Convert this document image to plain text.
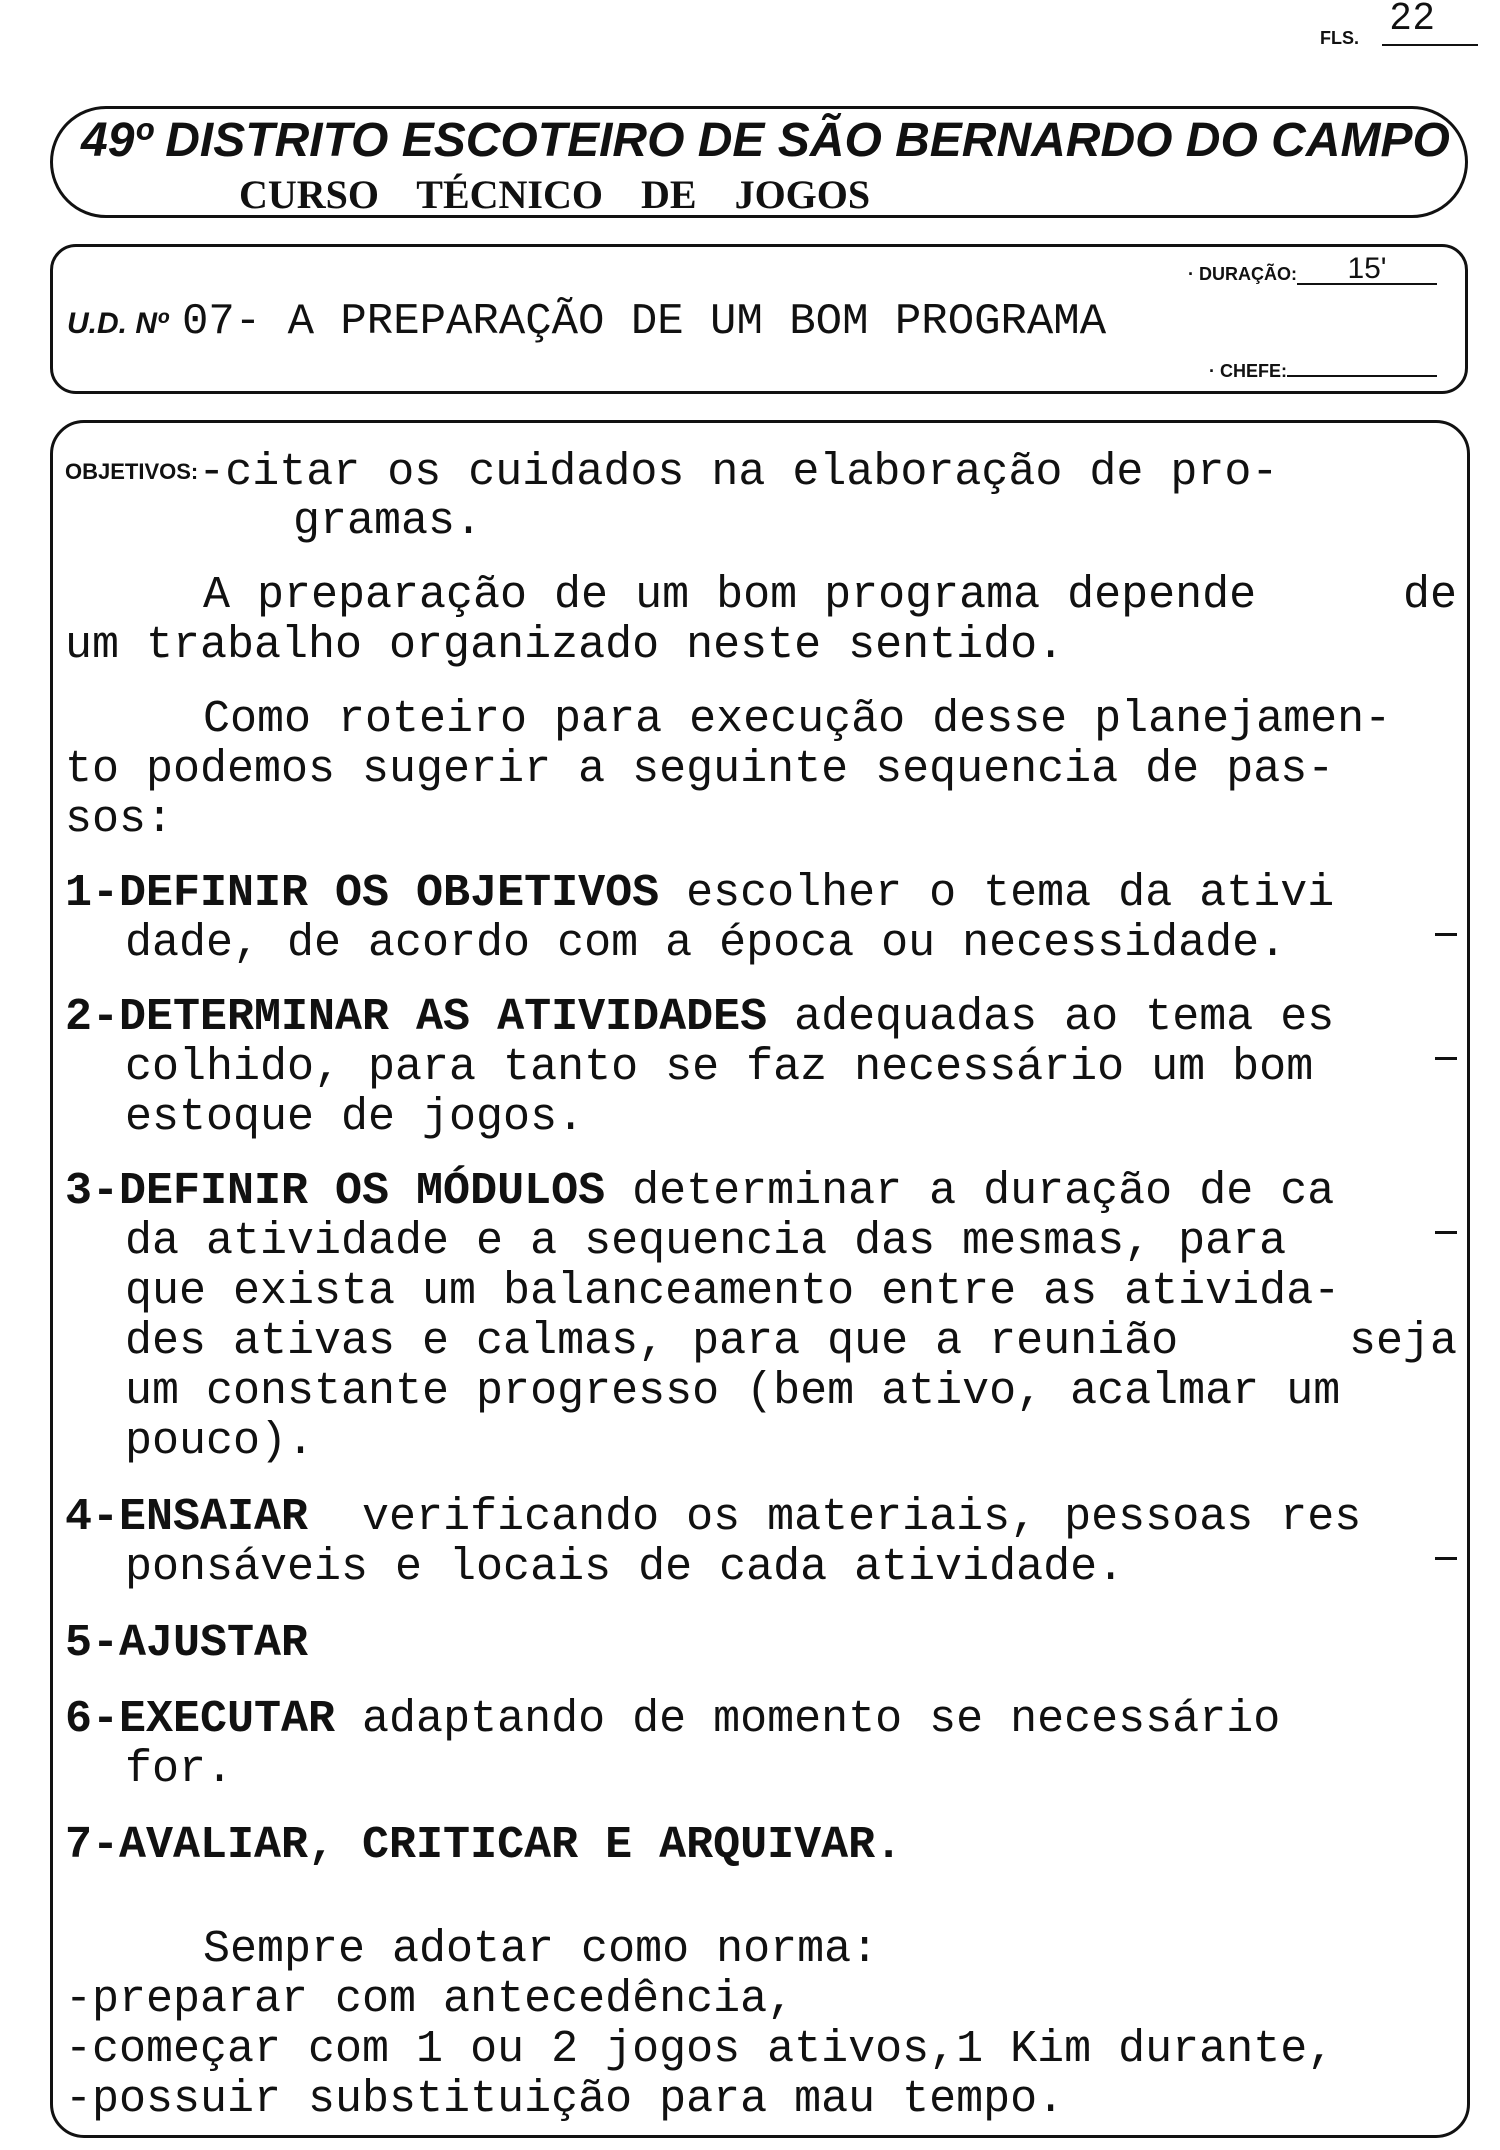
FLS. 22
49º DISTRITO ESCOTEIRO DE SÃO BERNARDO DO CAMPO
CURSO TÉCNICO DE JOGOS
· DURAÇÃO: 15'
U.D. Nº 07- A PREPARAÇÃO DE UM BOM PROGRAMA
· CHEFE:
OBJETIVOS:-citar os cuidados na elaboração de pro-
gramas.
A preparação de um bom programa depende	de
um trabalho organizado neste sentido.
Como roteiro para execução desse planejamen-
to podemos sugerir a seguinte sequencia de pas-
sos:
1-DEFINIR OS OBJETIVOS escolher o tema da ativi
dade, de acordo com a época ou necessidade.
2-DETERMINAR AS ATIVIDADES adequadas ao tema es
colhido, para tanto se faz necessário um bom
estoque de jogos.
3-DEFINIR OS MÓDULOS determinar a duração de ca
da atividade e a sequencia das mesmas, para
que exista um balanceamento entre as ativida-
des ativas e calmas, para que a reunião	seja
um constante progresso (bem ativo, acalmar um
pouco).
4-ENSAIAR  verificando os materiais, pessoas res
ponsáveis e locais de cada atividade.
5-AJUSTAR
6-EXECUTAR adaptando de momento se necessário
for.
7-AVALIAR, CRITICAR E ARQUIVAR.
Sempre adotar como norma:
-preparar com antecedência,
-começar com 1 ou 2 jogos ativos,1 Kim durante,
-possuir substituição para mau tempo.
